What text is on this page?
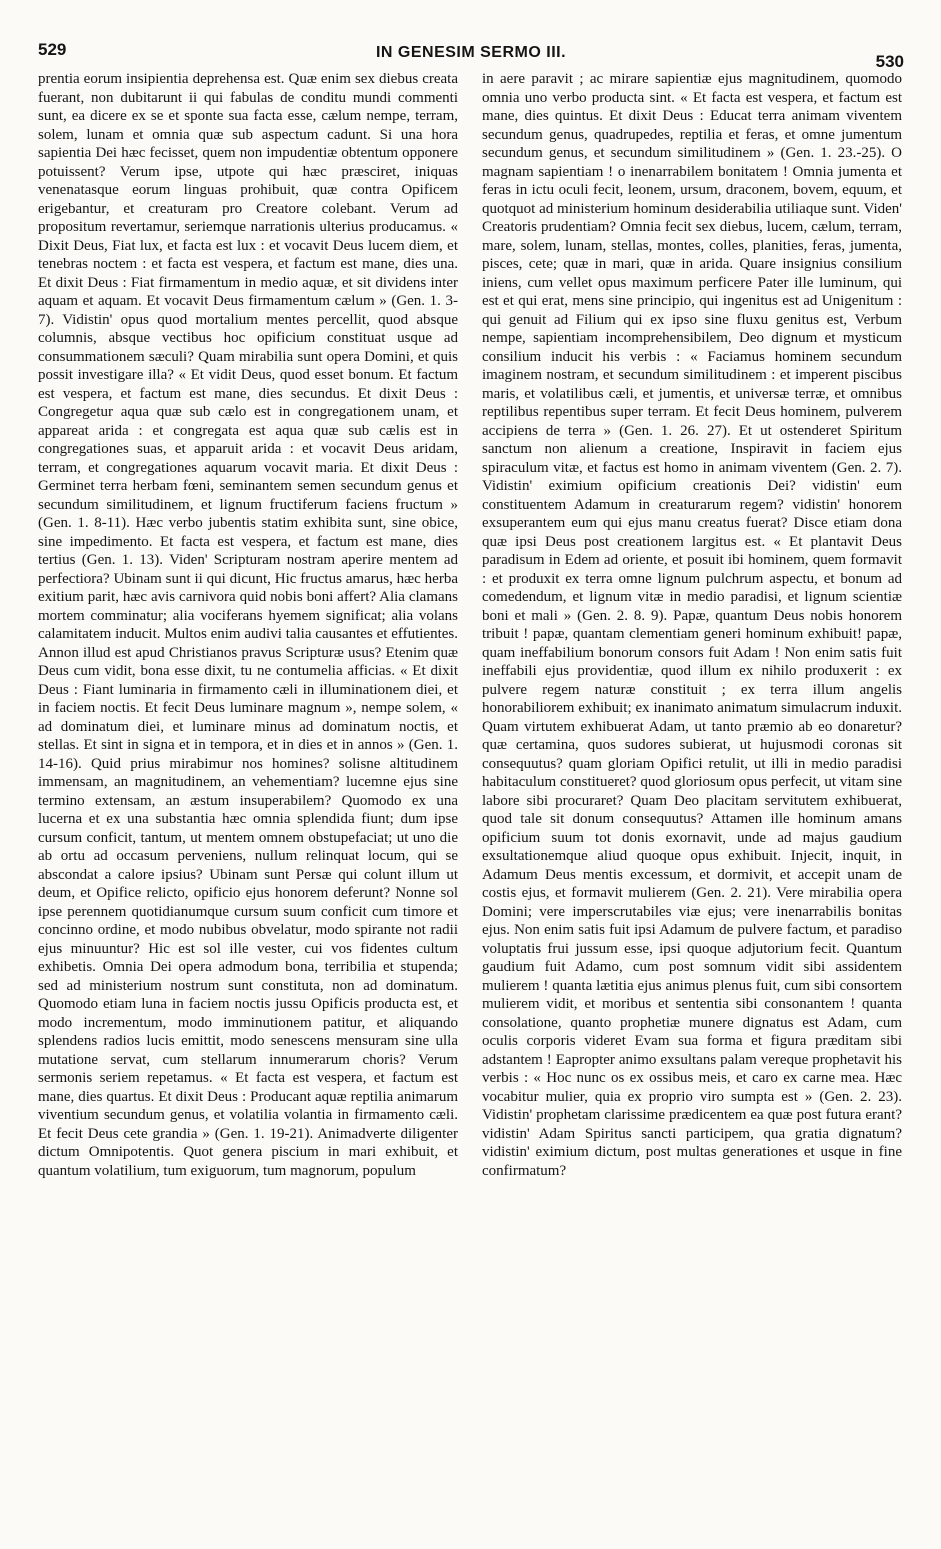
529	IN GENESIM SERMO III.	530
prentia eorum insipientia deprehensa est. Quæ enim sex diebus creata fuerant, non dubitarunt ii qui fabulas de conditu mundi commenti sunt, ea dicere ex se et sponte sua facta esse, cælum nempe, terram, solem, lunam et omnia quæ sub aspectum cadunt. Si una hora sapientia Dei hæc fecisset, quem non impudentiæ obtentum opponere potuissent? Verum ipse, utpote qui hæc præsciret, iniquas venenatasque eorum linguas prohibuit, quæ contra Opificem erigebantur, et creaturam pro Creatore colebant. Verum ad propositum revertamur, seriemque narrationis ulterius producamus. « Dixit Deus, Fiat lux, et facta est lux : et vocavit Deus lucem diem, et tenebras noctem : et facta est vespera, et factum est mane, dies una. Et dixit Deus : Fiat firmamentum in medio aquæ, et sit dividens inter aquam et aquam. Et vocavit Deus firmamentum cælum » (Gen. 1. 3-7). Vidistin' opus quod mortalium mentes percellit, quod absque columnis, absque vectibus hoc opificium constituat usque ad consummationem sæculi? Quam mirabilia sunt opera Domini, et quis possit investigare illa? « Et vidit Deus, quod esset bonum. Et factum est vespera, et factum est mane, dies secundus. Et dixit Deus : Congregetur aqua quæ sub cælo est in congregationem unam, et appareat arida : et congregata est aqua quæ sub cælis est in congregationes suas, et apparuit arida : et vocavit Deus aridam, terram, et congregationes aquarum vocavit maria. Et dixit Deus : Germinet terra herbam fœni, seminantem semen secundum genus et secundum similitudinem, et lignum fructiferum faciens fructum » (Gen. 1. 8-11). Hæc verbo jubentis statim exhibita sunt, sine obice, sine impedimento. Et facta est vespera, et factum est mane, dies tertius (Gen. 1. 13). Viden' Scripturam nostram aperire mentem ad perfectiora? Ubinam sunt ii qui dicunt, Hic fructus amarus, hæc herba exitium parit, hæc avis carnivora quid nobis boni affert? Alia clamans mortem comminatur; alia vociferans hyemem significat; alia volans calamitatem inducit. Multos enim audivi talia causantes et effutientes. Annon illud est apud Christianos pravus Scripturæ usus? Etenim quæ Deus cum vidit, bona esse dixit, tu ne contumelia afficias. « Et dixit Deus : Fiant luminaria in firmamento cæli in illuminationem diei, et in faciem noctis. Et fecit Deus luminare magnum », nempe solem, « ad dominatum diei, et luminare minus ad dominatum noctis, et stellas. Et sint in signa et in tempora, et in dies et in annos » (Gen. 1. 14-16). Quid prius mirabimur nos homines? solisne altitudinem immensam, an magnitudinem, an vehementiam? lucemne ejus sine termino extensam, an æstum insuperabilem? Quomodo ex una lucerna et ex una substantia hæc omnia splendida fiunt; dum ipse cursum conficit, tantum, ut mentem omnem obstupefaciat; ut uno die ab ortu ad occasum perveniens, nullum relinquat locum, qui se abscondat a calore ipsius? Ubinam sunt Persæ qui colunt illum ut deum, et Opifice relicto, opificio ejus honorem deferunt? Nonne sol ipse perennem quotidianumque cursum suum conficit cum timore et concinno ordine, et modo nubibus obvelatur, modo spirante not radii ejus minuuntur? Hic est sol ille vester, cui vos fidentes cultum exhibetis. Omnia Dei opera admodum bona, terribilia et stupenda; sed ad ministerium nostrum sunt constituta, non ad dominatum. Quomodo etiam luna in faciem noctis jussu Opificis producta est, et modo incrementum, modo imminutionem patitur, et aliquando splendens radios lucis emittit, modo senescens mensuram sine ulla mutatione servat, cum stellarum innumerarum choris? Verum sermonis seriem repetamus. « Et facta est vespera, et factum est mane, dies quartus. Et dixit Deus : Producant aquæ reptilia animarum viventium secundum genus, et volatilia volantia in firmamento cæli. Et fecit Deus cete grandia » (Gen. 1. 19-21). Animadverte diligenter dictum Omnipotentis. Quot genera piscium in mari exhibuit, et quantum volatilium, tum exiguorum, tum magnorum, populum
in aere paravit ; ac mirare sapientiæ ejus magnitudinem, quomodo omnia uno verbo producta sint. « Et facta est vespera, et factum est mane, dies quintus. Et dixit Deus : Educat terra animam viventem secundum genus, quadrupedes, reptilia et feras, et omne jumentum secundum genus, et secundum similitudinem » (Gen. 1. 23.-25). O magnam sapientiam ! o inenarrabilem bonitatem ! Omnia jumenta et feras in ictu oculi fecit, leonem, ursum, draconem, bovem, equum, et quotquot ad ministerium hominum desiderabilia utiliaque sunt. Viden' Creatoris prudentiam? Omnia fecit sex diebus, lucem, cælum, terram, mare, solem, lunam, stellas, montes, colles, planities, feras, jumenta, pisces, cete; quæ in mari, quæ in arida. Quare insignius consilium iniens, cum vellet opus maximum perficere Pater ille luminum, qui est et qui erat, mens sine principio, qui ingenitus est ad Unigenitum : qui genuit ad Filium qui ex ipso sine fluxu genitus est, Verbum nempe, sapientiam incomprehensibilem, Deo dignum et mysticum consilium inducit his verbis : « Faciamus hominem secundum imaginem nostram, et secundum similitudinem : et imperent piscibus maris, et volatilibus cæli, et jumentis, et universæ terræ, et omnibus reptilibus repentibus super terram. Et fecit Deus hominem, pulverem accipiens de terra » (Gen. 1. 26. 27). Et ut ostenderet Spiritum sanctum non alienum a creatione, Inspiravit in faciem ejus spiraculum vitæ, et factus est homo in animam viventem (Gen. 2. 7). Vidistin' eximium opificium creationis Dei? vidistin' eum constituentem Adamum in creaturarum regem? vidistin' honorem exsuperantem eum qui ejus manu creatus fuerat? Disce etiam dona quæ ipsi Deus post creationem largitus est. « Et plantavit Deus paradisum in Edem ad oriente, et posuit ibi hominem, quem formavit : et produxit ex terra omne lignum pulchrum aspectu, et bonum ad comedendum, et lignum vitæ in medio paradisi, et lignum scientiæ boni et mali » (Gen. 2. 8. 9). Papæ, quantum Deus nobis honorem tribuit ! papæ, quantam clementiam generi hominum exhibuit! papæ, quam ineffabilium bonorum consors fuit Adam ! Non enim satis fuit ineffabili ejus providentiæ, quod illum ex nihilo produxerit : ex pulvere regem naturæ constituit ; ex terra illum angelis honorabiliorem exhibuit; ex inanimato animatum simulacrum induxit. Quam virtutem exhibuerat Adam, ut tanto præmio ab eo donaretur? quæ certamina, quos sudores subierat, ut hujusmodi coronas sit consequutus? quam gloriam Opifici retulit, ut illi in medio paradisi habitaculum constitueret? quod gloriosum opus perfecit, ut vitam sine labore sibi procuraret? Quam Deo placitam servitutem exhibuerat, quod tale sit donum consequutus? Attamen ille hominum amans opificium suum tot donis exornavit, unde ad majus gaudium exsultationemque aliud quoque opus exhibuit. Injecit, inquit, in Adamum Deus mentis excessum, et dormivit, et accepit unam de costis ejus, et formavit mulierem (Gen. 2. 21). Vere mirabilia opera Domini; vere imperscrutabiles viæ ejus; vere inenarrabilis bonitas ejus. Non enim satis fuit ipsi Adamum de pulvere factum, et paradiso voluptatis frui jussum esse, ipsi quoque adjutorium fecit. Quantum gaudium fuit Adamo, cum post somnum vidit sibi assidentem mulierem ! quanta lætitia ejus animus plenus fuit, cum sibi consortem mulierem vidit, et moribus et sententia sibi consonantem ! quanta consolatione, quanto prophetiæ munere dignatus est Adam, cum oculis corporis videret Evam sua forma et figura præditam sibi adstantem ! Eapropter animo exsultans palam vereque prophetavit his verbis : « Hoc nunc os ex ossibus meis, et caro ex carne mea. Hæc vocabitur mulier, quia ex proprio viro sumpta est » (Gen. 2. 23). Vidistin' prophetam clarissime prædicentem ea quæ post futura erant? vidistin' Adam Spiritus sancti participem, qua gratia dignatum? vidistin' eximium dictum, post multas generationes et usque in fine confirmatum?
